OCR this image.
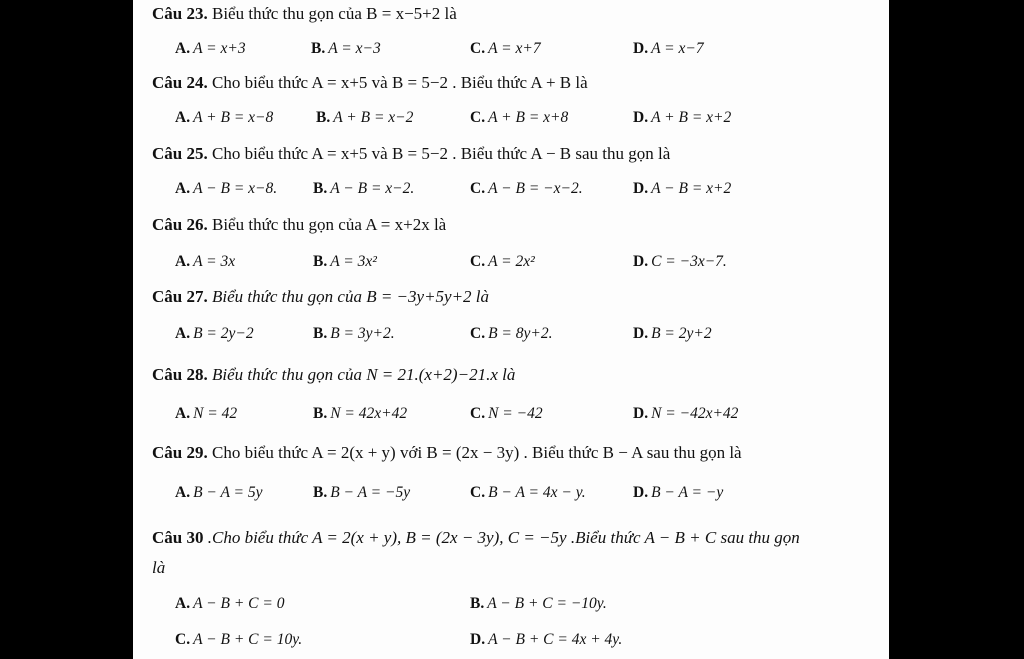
Câu 23. Biểu thức thu gọn của B = x−5+2 là
A. A = x+3	B. A = x−3	C. A = x+7	D. A = x−7
Câu 24. Cho biểu thức A = x+5 và B = 5−2 . Biểu thức A + B là
A. A + B = x−8	B. A + B = x−2	C. A + B = x+8	D. A + B = x+2
Câu 25. Cho biểu thức A = x+5 và B = 5−2 . Biểu thức A − B sau thu gọn là
A. A − B = x−8. B. A − B = x−2.	C. A − B = −x−2.	D. A − B = x+2
Câu 26. Biểu thức thu gọn của A = x+2x là
A. A = 3x	B. A = 3x²	C. A = 2x²	D. C = −3x−7.
Câu 27. Biểu thức thu gọn của B = −3y+5y+2 là
A. B = 2y−2	B. B = 3y+2.	C. B = 8y+2.	D. B = 2y+2
Câu 28. Biểu thức thu gọn của N = 21.(x+2)−21.x là
A. N = 42	B. N = 42x+42	C. N = −42	D. N = −42x+42
Câu 29. Cho biểu thức A = 2(x + y) với B = (2x − 3y) . Biểu thức B − A sau thu gọn là
A. B − A = 5y	B. B − A = −5y	C. B − A = 4x − y.	D. B − A = −y
Câu 30 .Cho biểu thức A = 2(x + y), B = (2x − 3y), C = −5y .Biểu thức A − B + C sau thu gọn
là
A. A − B + C = 0	B. A − B + C = −10y.
C. A − B + C = 10y.	D. A − B + C = 4x + 4y.
